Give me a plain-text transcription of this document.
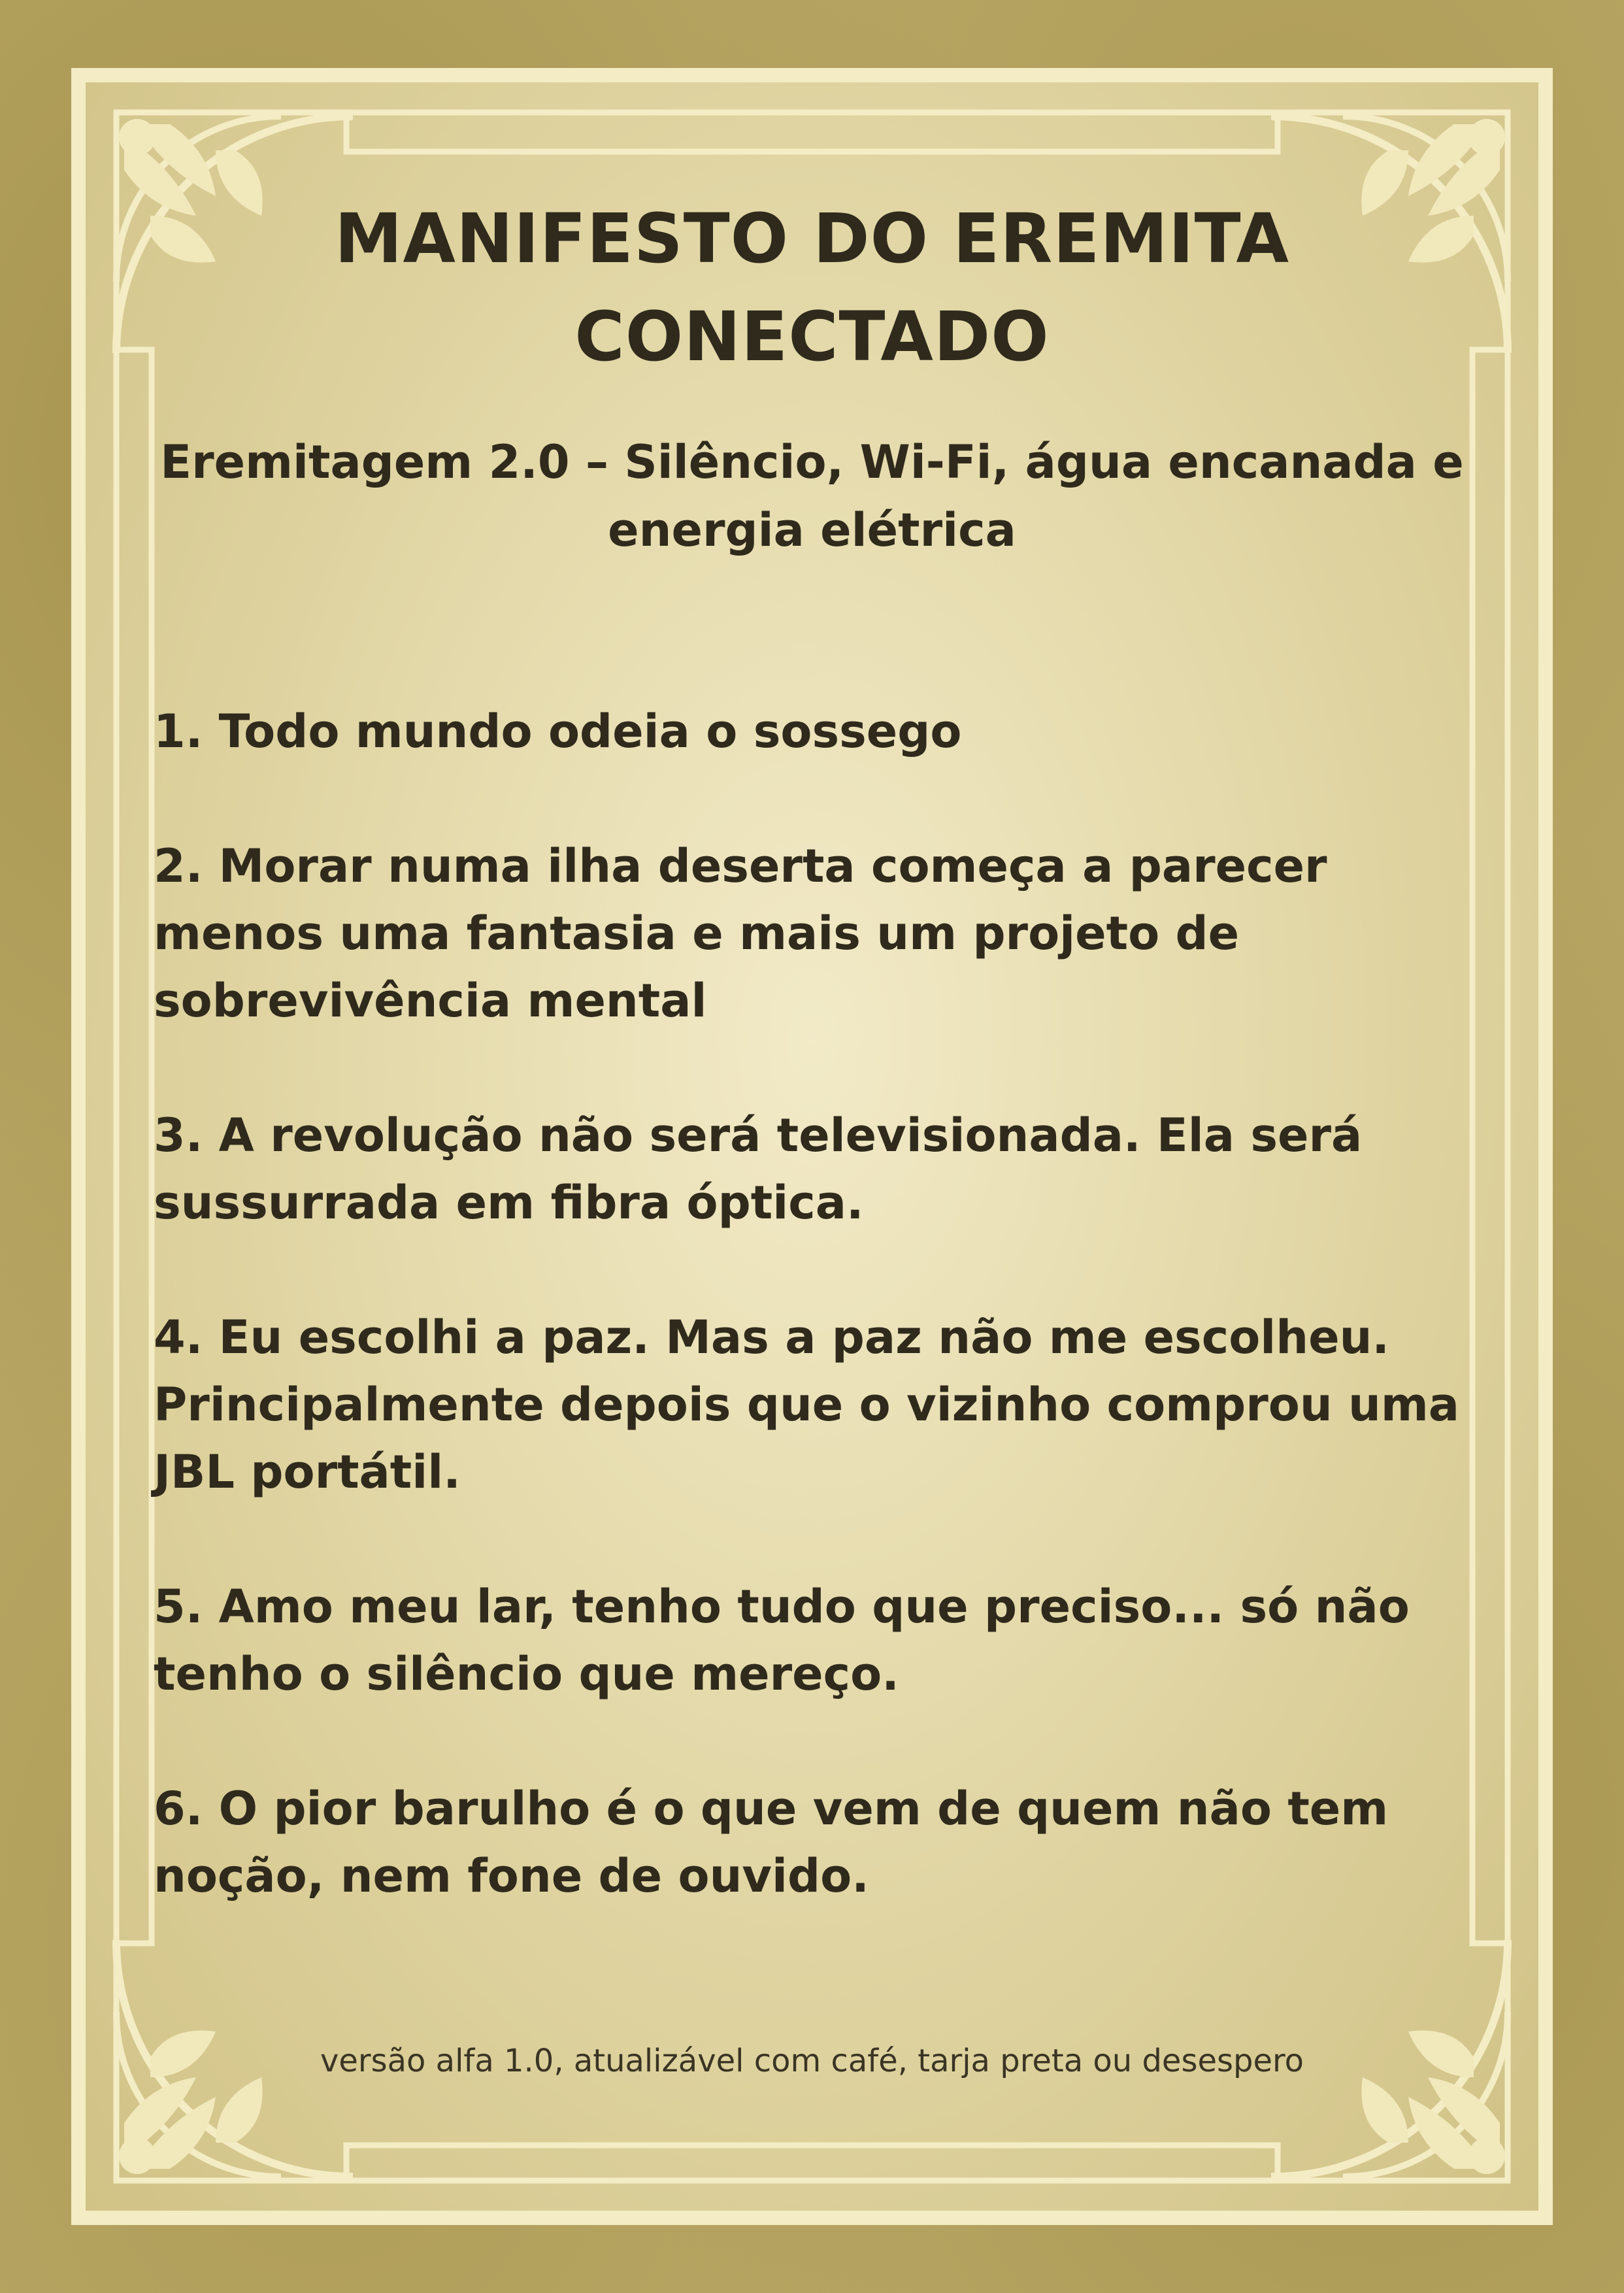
MANIFESTO DO EREMITA CONECTADO
Eremitagem 2.0 – Silêncio, Wi-Fi, água encanada e energia elétrica
1. Todo mundo odeia o sossego
2. Morar numa ilha deserta começa a parecer menos uma fantasia e mais um projeto de sobrevivência mental
3. A revolução não será televisionada. Ela será sussurrada em fibra óptica.
4. Eu escolhi a paz. Mas a paz não me escolheu. Principalmente depois que o vizinho comprou uma JBL portátil.
5. Amo meu lar, tenho tudo que preciso... só não tenho o silêncio que mereço.
6. O pior barulho é o que vem de quem não tem noção, nem fone de ouvido.
versão alfa 1.0, atualizável com café, tarja preta ou desespero
